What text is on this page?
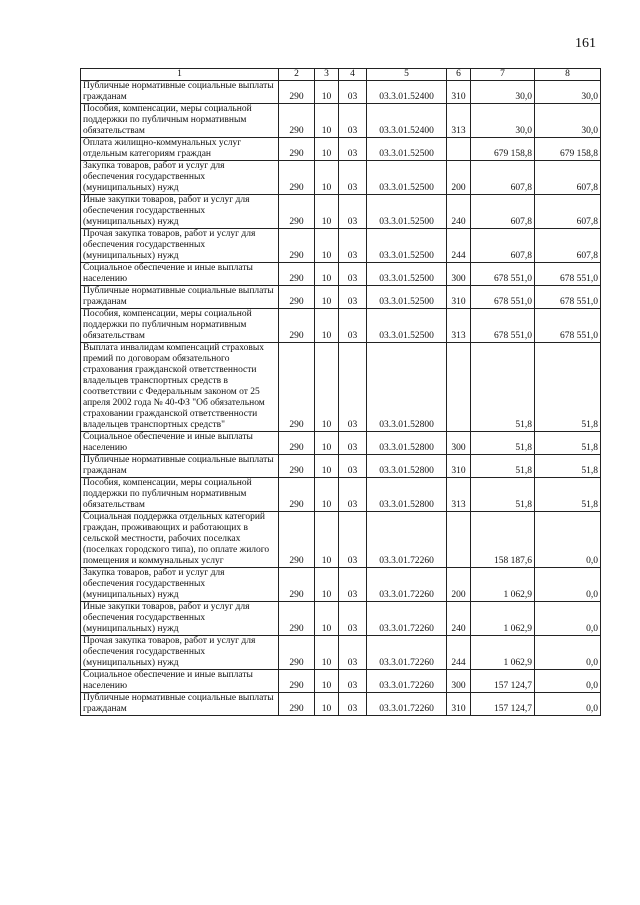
161
1	2	3	4	5	6	7	8
Публичные нормативные социальные выплаты гражданам	290	10	03	03.3.01.52400	310	30,0	30,0
Пособия, компенсации, меры социальной поддержки по публичным нормативным обязательствам	290	10	03	03.3.01.52400	313	30,0	30,0
Оплата жилищно-коммунальных услуг отдельным категориям граждан	290	10	03	03.3.01.52500		679 158,8	679 158,8
Закупка товаров, работ и услуг для обеспечения государственных (муниципальных) нужд	290	10	03	03.3.01.52500	200	607,8	607,8
Иные закупки товаров, работ и услуг для обеспечения государственных (муниципальных) нужд	290	10	03	03.3.01.52500	240	607,8	607,8
Прочая закупка товаров, работ и услуг для обеспечения государственных (муниципальных) нужд	290	10	03	03.3.01.52500	244	607,8	607,8
Социальное обеспечение и иные выплаты населению	290	10	03	03.3.01.52500	300	678 551,0	678 551,0
Публичные нормативные социальные выплаты гражданам	290	10	03	03.3.01.52500	310	678 551,0	678 551,0
Пособия, компенсации, меры социальной поддержки по публичным нормативным обязательствам	290	10	03	03.3.01.52500	313	678 551,0	678 551,0
Выплата инвалидам компенсаций страховых премий по договорам обязательного страхования гражданской ответственности владельцев транспортных средств в соответствии с Федеральным законом от 25 апреля 2002 года № 40-ФЗ "Об обязательном страховании гражданской ответственности владельцев транспортных средств"	290	10	03	03.3.01.52800		51,8	51,8
Социальное обеспечение и иные выплаты населению	290	10	03	03.3.01.52800	300	51,8	51,8
Публичные нормативные социальные выплаты гражданам	290	10	03	03.3.01.52800	310	51,8	51,8
Пособия, компенсации, меры социальной поддержки по публичным нормативным обязательствам	290	10	03	03.3.01.52800	313	51,8	51,8
Социальная поддержка отдельных категорий граждан, проживающих и работающих в сельской местности, рабочих поселках (поселках городского типа), по оплате жилого помещения и коммунальных услуг	290	10	03	03.3.01.72260		158 187,6	0,0
Закупка товаров, работ и услуг для обеспечения государственных (муниципальных) нужд	290	10	03	03.3.01.72260	200	1 062,9	0,0
Иные закупки товаров, работ и услуг для обеспечения государственных (муниципальных) нужд	290	10	03	03.3.01.72260	240	1 062,9	0,0
Прочая закупка товаров, работ и услуг для обеспечения государственных (муниципальных) нужд	290	10	03	03.3.01.72260	244	1 062,9	0,0
Социальное обеспечение и иные выплаты населению	290	10	03	03.3.01.72260	300	157 124,7	0,0
Публичные нормативные социальные выплаты гражданам	290	10	03	03.3.01.72260	310	157 124,7	0,0
